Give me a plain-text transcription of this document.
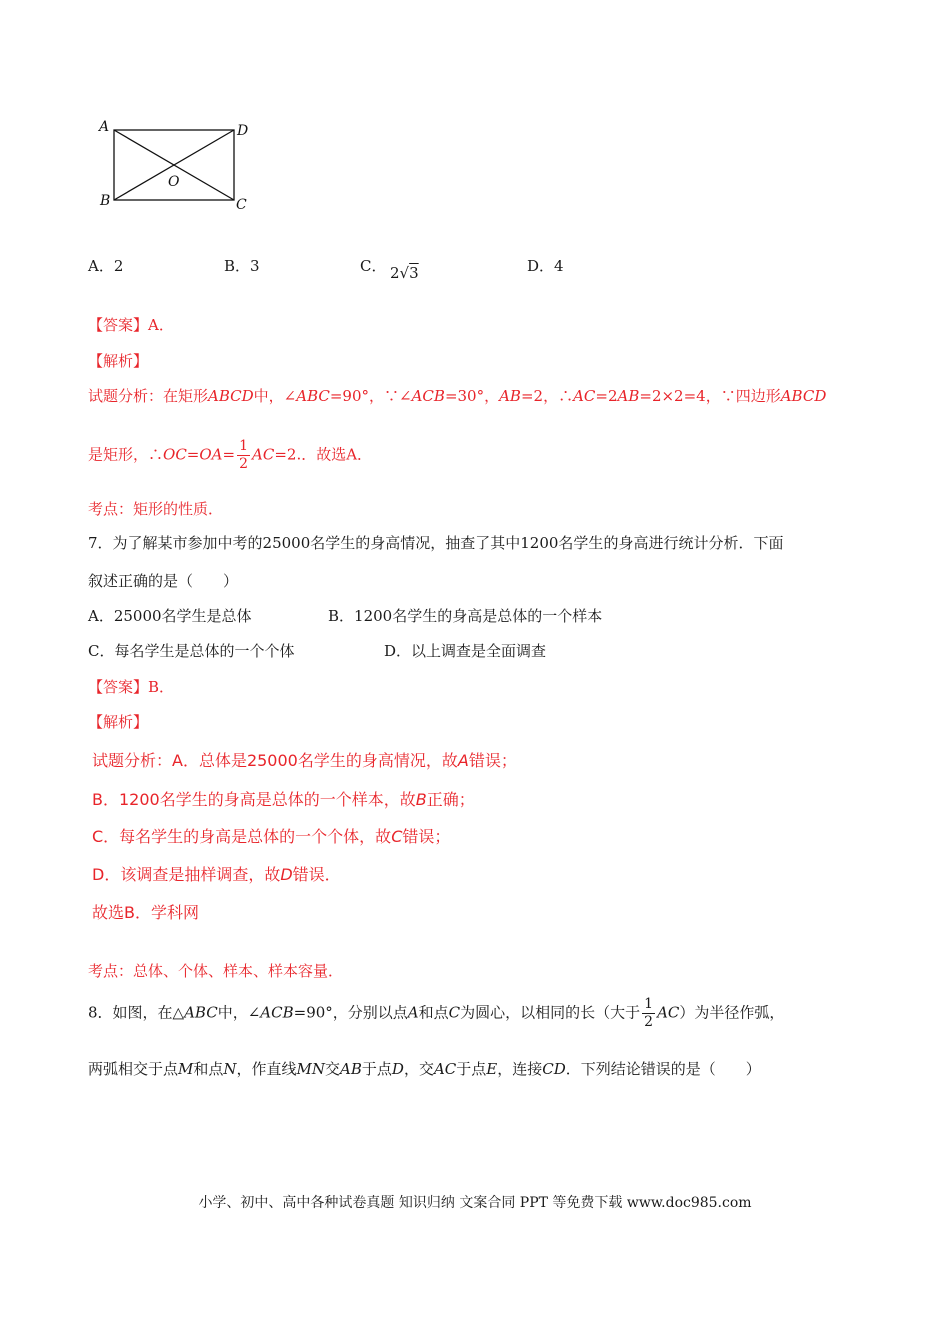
A	D
B	C
O
A．2	B．3	C． 2√3	D．4
【答案】A．
【解析】
试题分析：在矩形ABCD中，∠ABC=90°，∵∠ACB=30°，AB=2，∴AC=2AB=2×2=4，∵四边形ABCD
是矩形，∴OC=OA= $\frac{1}{2} AC=2$.．故选A．
考点：矩形的性质．
7．为了解某市参加中考的25000名学生的身高情况，抽查了其中1200名学生的身高进行统计分析．下面
叙述正确的是（　　）
A．25000名学生是总体	B．1200名学生的身高是总体的一个样本
C．每名学生是总体的一个个体	D．以上调查是全面调查
【答案】B．
【解析】
试题分析：A．总体是25000名学生的身高情况，故A错误；
B．1200名学生的身高是总体的一个样本，故B正确；
C．每名学生的身高是总体的一个个体，故C错误；
D．该调查是抽样调查，故D错误．
故选B．学科网
考点：总体、个体、样本、样本容量．
8．如图，在△ABC中，∠ACB=90°，分别以点A和点C为圆心，以相同的长（大于 $\frac{1}{2} AC$）为半径作弧，
两弧相交于点M和点N，作直线MN交AB于点D，交AC于点E，连接CD．下列结论错误的是（　　）
小学、初中、高中各种试卷真题 知识归纳 文案合同 PPT 等免费下载 www.doc985.com
